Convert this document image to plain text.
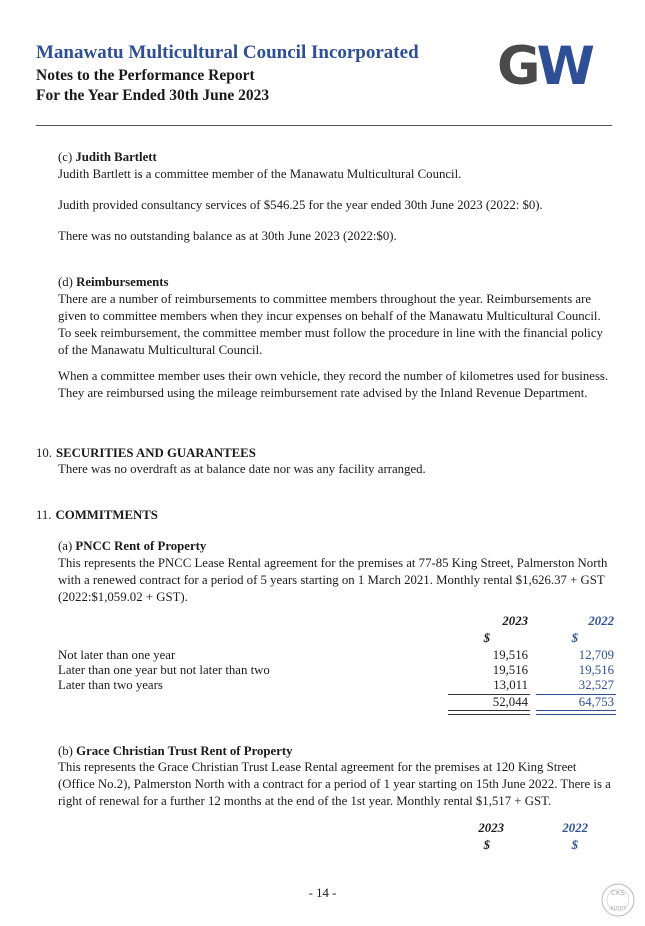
Manawatu Multicultural Council Incorporated
Notes to the Performance Report
For the Year Ended 30th June 2023	GW
(c) Judith Bartlett
Judith Bartlett is a committee member of the Manawatu Multicultural Council.
Judith provided consultancy services of $546.25 for the year ended 30th June 2023 (2022: $0).
There was no outstanding balance as at 30th June 2023 (2022:$0).
(d) Reimbursements
There are a number of reimbursements to committee members throughout the year. Reimbursements are given to committee members when they incur expenses on behalf of the Manawatu Multicultural Council. To seek reimbursement, the committee member must follow the procedure in line with the financial policy of the Manawatu Multicultural Council.
When a committee member uses their own vehicle, they record the number of kilometres used for business. They are reimbursed using the mileage reimbursement rate advised by the Inland Revenue Department.
10. SECURITIES AND GUARANTEES
There was no overdraft as at balance date nor was any facility arranged.
11. COMMITMENTS
(a) PNCC Rent of Property
This represents the PNCC Lease Rental agreement for the premises at 77-85 King Street, Palmerston North with a renewed contract for a period of 5 years starting on 1 March 2021. Monthly rental $1,626.37 + GST (2022:$1,059.02 + GST).
2023	2022
$	$
Not later than one year	19,516	12,709
Later than one year but not later than two	19,516	19,516
Later than two years	13,011	32,527
52,044	64,753
(b) Grace Christian Trust Rent of Property
This represents the Grace Christian Trust Lease Rental agreement for the premises at 120 King Street (Office No.2), Palmerston North with a contract for a period of 1 year starting on 15th June 2022. There is a right of renewal for a further 12 months at the end of the 1st year. Monthly rental $1,517 + GST.
2023	2022
$	$
- 14 -	CKS
AUDIT
